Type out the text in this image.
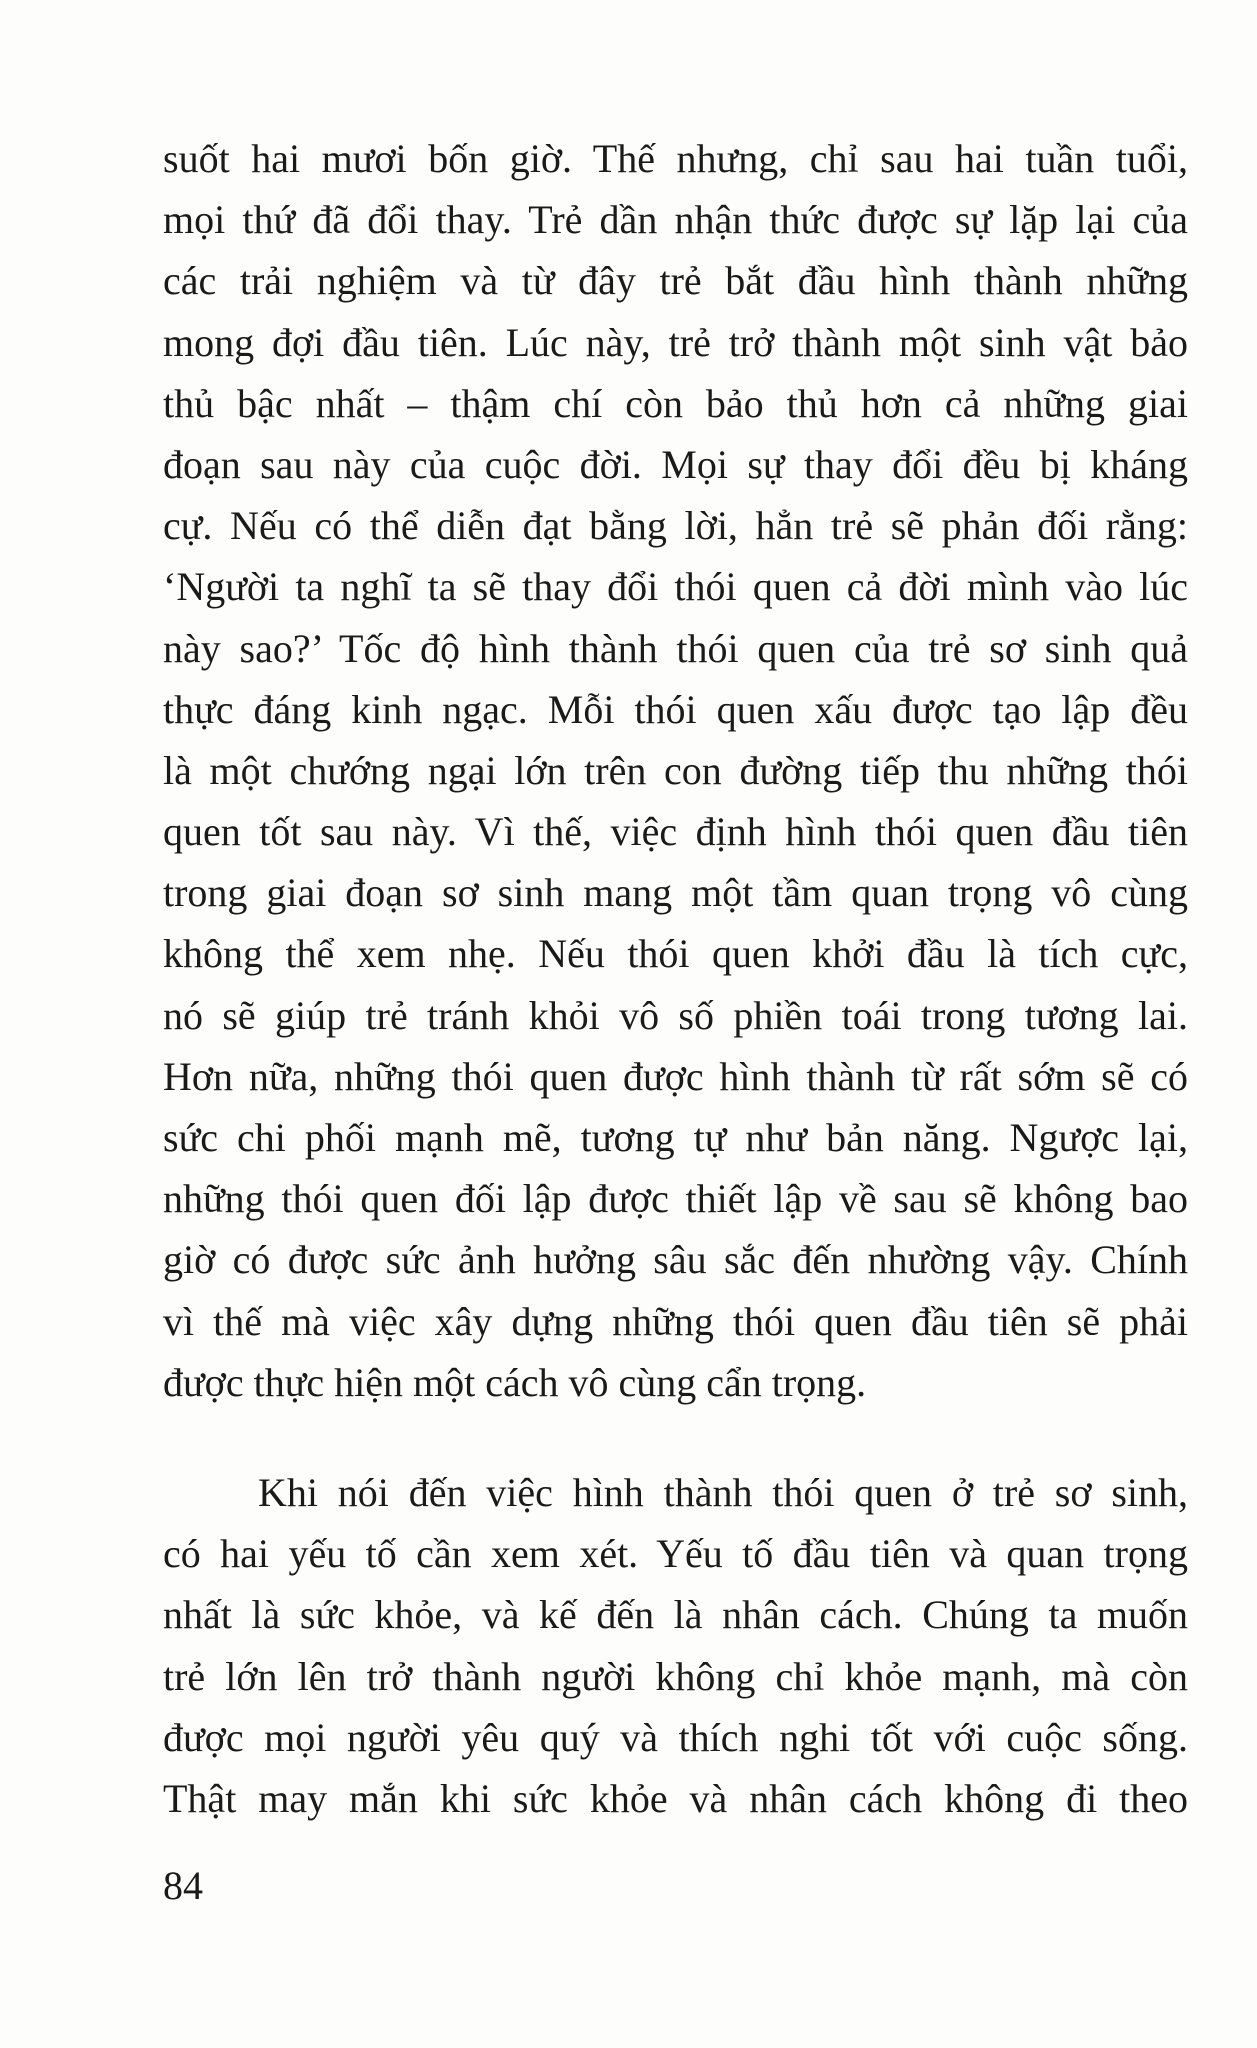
suốt hai mươi bốn giờ. Thế nhưng, chỉ sau hai tuần tuổi,
mọi thứ đã đổi thay. Trẻ dần nhận thức được sự lặp lại của
các trải nghiệm và từ đây trẻ bắt đầu hình thành những
mong đợi đầu tiên. Lúc này, trẻ trở thành một sinh vật bảo
thủ bậc nhất – thậm chí còn bảo thủ hơn cả những giai
đoạn sau này của cuộc đời. Mọi sự thay đổi đều bị kháng
cự. Nếu có thể diễn đạt bằng lời, hẳn trẻ sẽ phản đối rằng:
‘Người ta nghĩ ta sẽ thay đổi thói quen cả đời mình vào lúc
này sao?’ Tốc độ hình thành thói quen của trẻ sơ sinh quả
thực đáng kinh ngạc. Mỗi thói quen xấu được tạo lập đều
là một chướng ngại lớn trên con đường tiếp thu những thói
quen tốt sau này. Vì thế, việc định hình thói quen đầu tiên
trong giai đoạn sơ sinh mang một tầm quan trọng vô cùng
không thể xem nhẹ. Nếu thói quen khởi đầu là tích cực,
nó sẽ giúp trẻ tránh khỏi vô số phiền toái trong tương lai.
Hơn nữa, những thói quen được hình thành từ rất sớm sẽ có
sức chi phối mạnh mẽ, tương tự như bản năng. Ngược lại,
những thói quen đối lập được thiết lập về sau sẽ không bao
giờ có được sức ảnh hưởng sâu sắc đến nhường vậy. Chính
vì thế mà việc xây dựng những thói quen đầu tiên sẽ phải
được thực hiện một cách vô cùng cẩn trọng.
Khi nói đến việc hình thành thói quen ở trẻ sơ sinh,
có hai yếu tố cần xem xét. Yếu tố đầu tiên và quan trọng
nhất là sức khỏe, và kế đến là nhân cách. Chúng ta muốn
trẻ lớn lên trở thành người không chỉ khỏe mạnh, mà còn
được mọi người yêu quý và thích nghi tốt với cuộc sống.
Thật may mắn khi sức khỏe và nhân cách không đi theo
84
